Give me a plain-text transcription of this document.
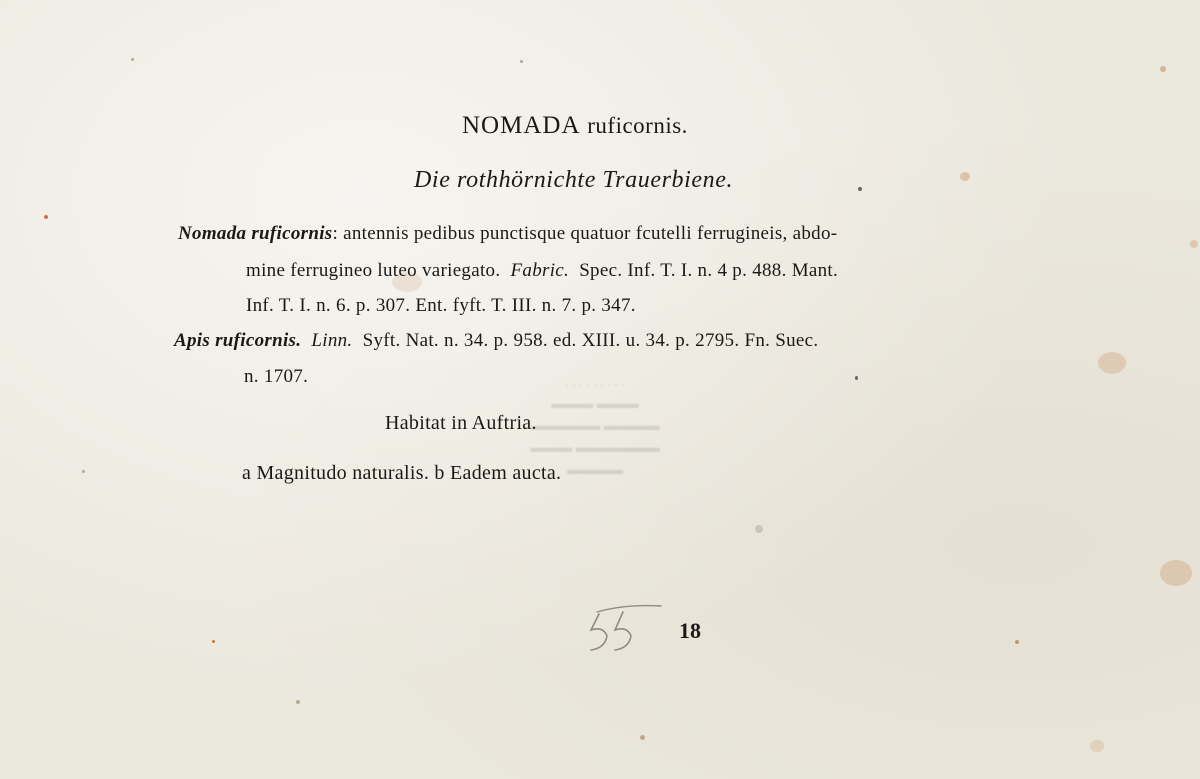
. . . . . . . . .
▬▬▬ ▬▬▬
▬▬▬▬ ▬▬▬▬▬
▬▬▬▬▬▬ ▬▬▬
▬▬▬▬
NOMADA ruficornis.
Die rothhörnichte Trauerbiene.
Nomada ruficornis: antennis pedibus punctisque quatuor fcutelli ferrugineis, abdo-
mine ferrugineo luteo variegato. Fabric. Spec. Inf. T. I. n. 4 p. 488. Mant.
Inf. T. I. n. 6. p. 307. Ent. fyft. T. III. n. 7. p. 347.
Apis ruficornis. Linn. Syft. Nat. n. 34. p. 958. ed. XIII. u. 34. p. 2795. Fn. Suec.
n. 1707.
Habitat in Auftria.
a Magnitudo naturalis. b Eadem aucta.
18
